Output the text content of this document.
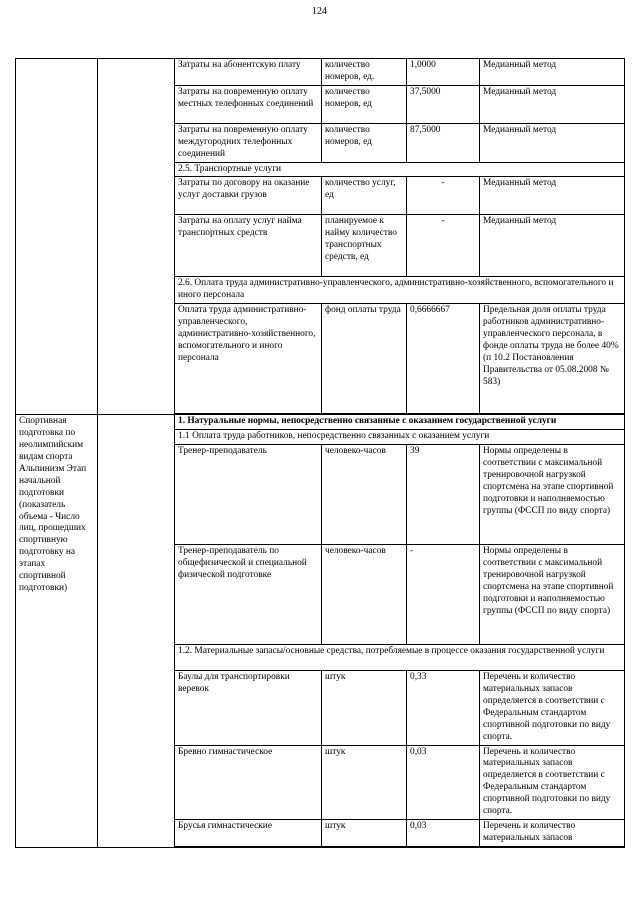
124
		Затраты на абонентскую плату	количество номеров, ед.	1,0000	Медианный метод
		Затраты на повременную оплату местных телефонных соединений	количество номеров, ед	37,5000	Медианный метод
		Затраты на повременную оплату междугородних телефонных соединений	количество номеров, ед	87,5000	Медианный метод
		2.5. Транспортные услуги			
		Затраты по договору на оказание услуг доставки грузов	количество услуг, ед	-	Медианный метод
		Затраты на оплату услуг найма транспортных средств	планируемое к найму количество транспортных средств, ед	-	Медианный метод
		2.6. Оплата труда административно-управленческого, административно-хозяйственного, вспомогательного и иного персонала			
		Оплата труда административно-управленческого, административно-хозяйственного, вспомогательного и иного персонала	фонд оплаты труда	0,6666667	Предельная доля оплаты труда работников административно-управленческого персонала, в фонде оплаты труда не более 40% (п 10.2 Постановления Правительства от 05.08.2008 № 583)

Спортивная подготовка по неолимпийским видам спорта Альпинизм Этап начальной подготовки (показатель объема - Число лиц, прошедших спортивную подготовку на этапах спортивной подготовки)		1. Натуральные нормы, непосредственно связанные с оказанием государственной услуги			
		1.1 Оплата труда работников, непосредственно связанных с оказанием услуги			
		Тренер-преподаватель	человеко-часов	39	Нормы определены в соответствии с максимальной тренировочной нагрузкой спортсмена на этапе спортивной подготовки и наполняемостью группы (ФССП по виду спорта)
		Тренер-преподаватель по общефизической и специальной физической подготовке	человеко-часов	-	Нормы определены в соответствии с максимальной тренировочной нагрузкой спортсмена на этапе спортивной подготовки и наполняемостью группы (ФССП по виду спорта)
		1.2. Материальные запасы/основные средства, потребляемые в процессе оказания государственной услуги			
		Баулы для транспортировки веревок	штук	0,33	Перечень и количество материальных запасов определяется в соответствии с Федеральным стандартом спортивной подготовки по виду спорта.
		Бревно гимнастическое	штук	0,03	Перечень и количество материальных запасов определяется в соответствии с Федеральным стандартом спортивной подготовки по виду спорта.
		Брусья гимнастические	штук	0,03	Перечень и количество материальных запасов
